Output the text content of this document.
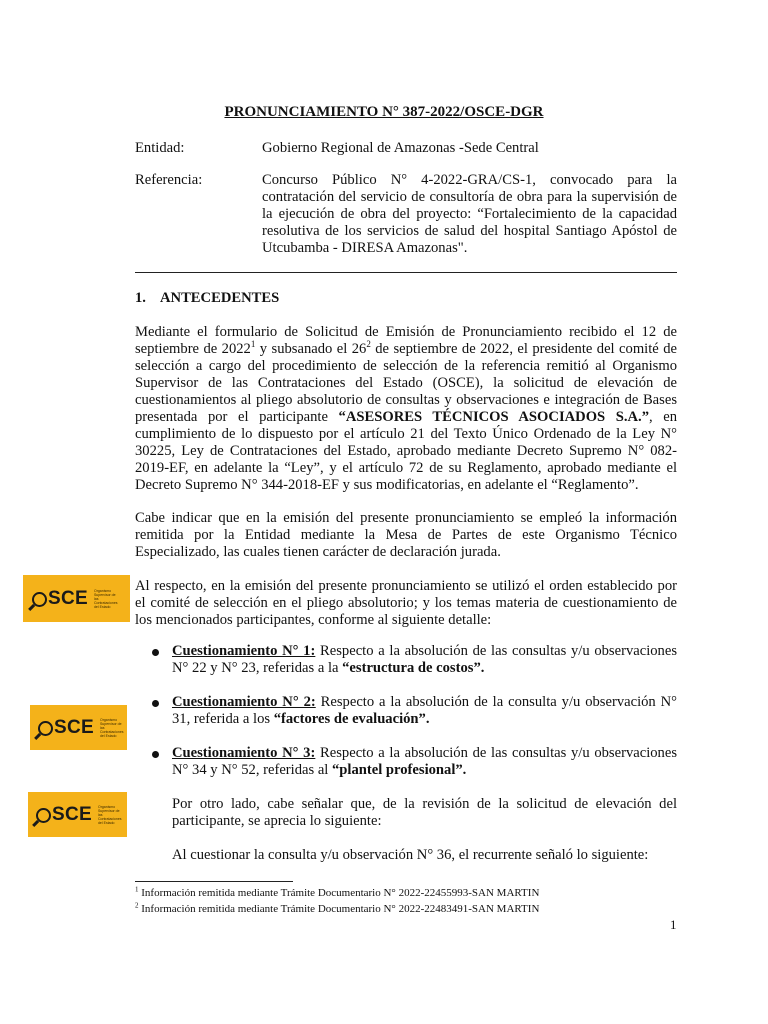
PRONUNCIAMIENTO N° 387-2022/OSCE-DGR
Entidad:	Gobierno Regional de Amazonas -Sede Central
Referencia:	Concurso Público N° 4-2022-GRA/CS-1, convocado para la contratación del servicio de consultoría de obra para la supervisión de la ejecución de obra del proyecto: “Fortalecimiento de la capacidad resolutiva de los servicios de salud del hospital Santiago Apóstol de Utcubamba - DIRESA Amazonas".
1. ANTECEDENTES
Mediante el formulario de Solicitud de Emisión de Pronunciamiento recibido el 12 de septiembre de 2022$^1$ y subsanado el $26^2$ de septiembre de 2022, el presidente del comité de selección a cargo del procedimiento de selección de la referencia remitió al Organismo Supervisor de las Contrataciones del Estado (OSCE), la solicitud de elevación de cuestionamientos al pliego absolutorio de consultas y observaciones e integración de Bases presentada por el participante “ASESORES TÉCNICOS ASOCIADOS S.A.”, en cumplimiento de lo dispuesto por el artículo 21 del Texto Único Ordenado de la Ley N° 30225, Ley de Contrataciones del Estado, aprobado mediante Decreto Supremo N° 082-2019-EF, en adelante la “Ley”, y el artículo 72 de su Reglamento, aprobado mediante el Decreto Supremo N° 344-2018-EF y sus modificatorias, en adelante el “Reglamento”.
Cabe indicar que en la emisión del presente pronunciamiento se empleó la información remitida por la Entidad mediante la Mesa de Partes de este Organismo Técnico Especializado, las cuales tienen carácter de declaración jurada.
Al respecto, en la emisión del presente pronunciamiento se utilizó el orden establecido por el comité de selección en el pliego absolutorio; y los temas materia de cuestionamiento de los mencionados participantes, conforme al siguiente detalle:
Cuestionamiento N° 1: Respecto a la absolución de las consultas y/u observaciones N° 22 y N° 23, referidas a la “estructura de costos”.
Cuestionamiento N° 2: Respecto a la absolución de la consulta y/u observación N° 31, referida a los “factores de evaluación”.
Cuestionamiento N° 3: Respecto a la absolución de las consultas y/u observaciones N° 34 y N° 52, referidas al “plantel profesional”.
Por otro lado, cabe señalar que, de la revisión de la solicitud de elevación del participante, se aprecia lo siguiente:
Al cuestionar la consulta y/u observación N° 36, el recurrente señaló lo siguiente:
$^1$ Información remitida mediante Trámite Documentario N° 2022-22455993-SAN MARTIN
$^2$ Información remitida mediante Trámite Documentario N° 2022-22483491-SAN MARTIN
1
SCE Organismo Supervisor de las Contrataciones del Estado
SCE Organismo Supervisor de las Contrataciones del Estado
SCE Organismo Supervisor de las Contrataciones del Estado
